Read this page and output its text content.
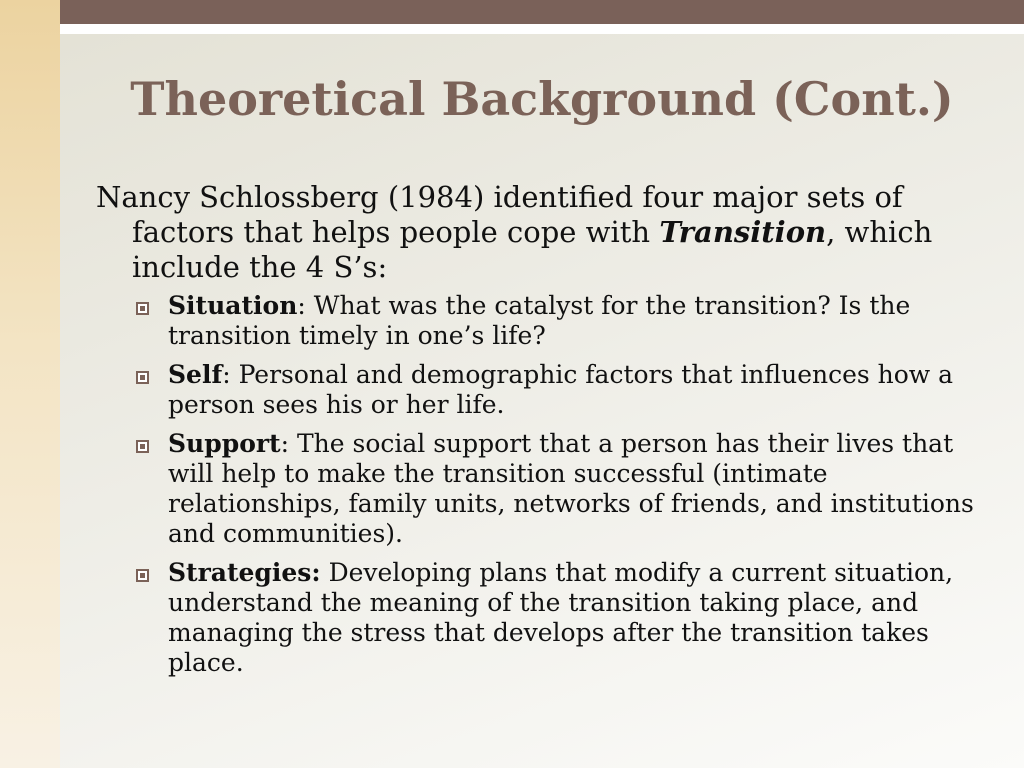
Theoretical Background (Cont.)

Nancy Schlossberg (1984) identified four major sets of factors that helps people cope with Transition, which include the 4 S’s:

Situation: What was the catalyst for the transition? Is the transition timely in one’s life?
Self: Personal and demographic factors that influences how a person sees his or her life.
Support: The social support that a person has their lives that will help to make the transition successful (intimate relationships, family units, networks of friends, and institutions and communities).
Strategies: Developing plans that modify a current situation, understand the meaning of the transition taking place, and managing the stress that develops after the transition takes place.
